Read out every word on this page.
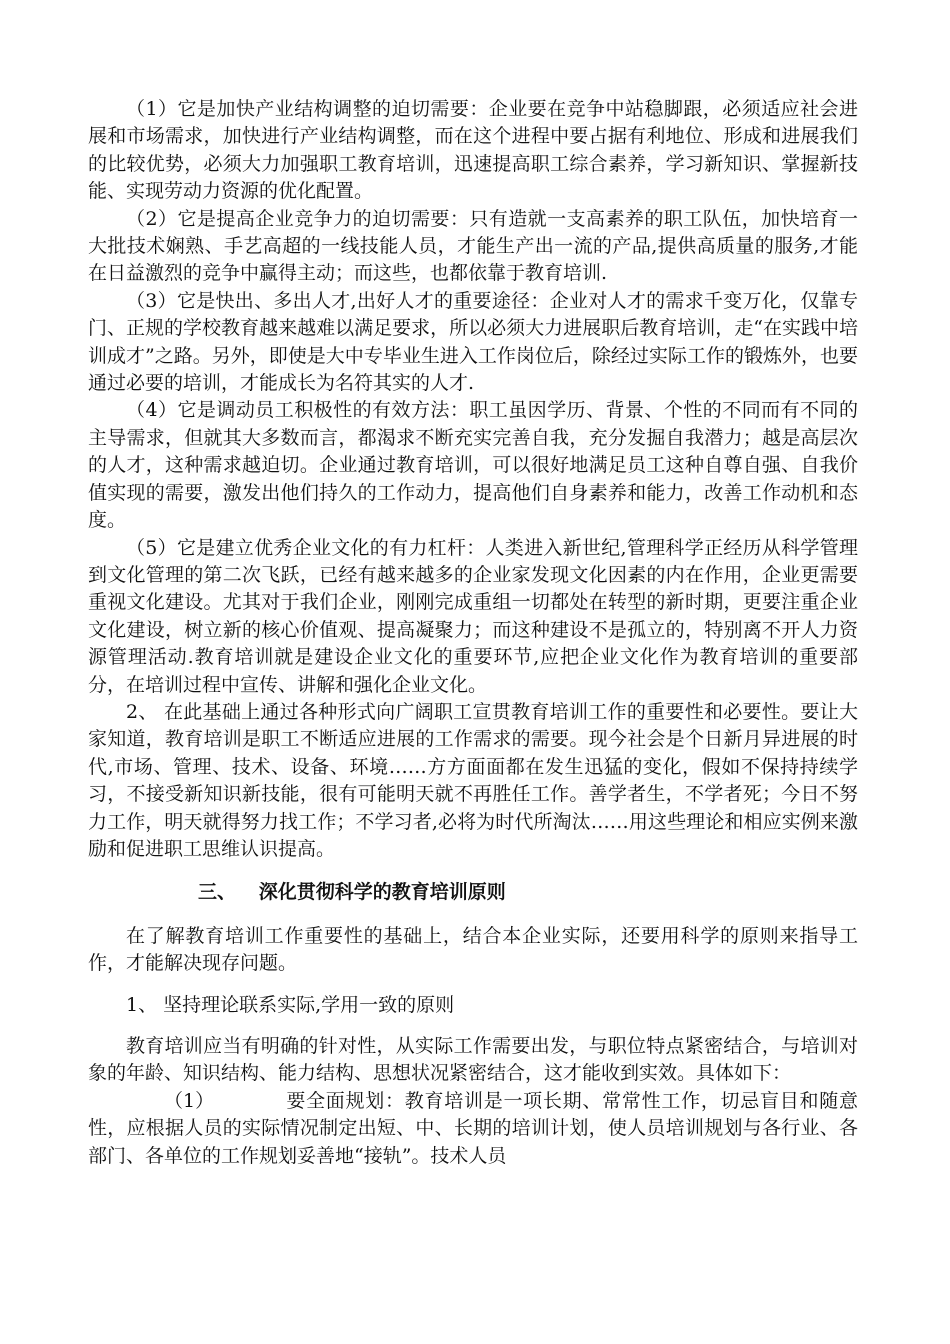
（1）它是加快产业结构调整的迫切需要：企业要在竞争中站稳脚跟，必须适应社会进展和市场需求，加快进行产业结构调整，而在这个进程中要占据有利地位、形成和进展我们的比较优势，必须大力加强职工教育培训，迅速提高职工综合素养，学习新知识、掌握新技能、实现劳动力资源的优化配置。

（2）它是提高企业竞争力的迫切需要：只有造就一支高素养的职工队伍，加快培育一大批技术娴熟、手艺高超的一线技能人员，才能生产出一流的产品,提供高质量的服务,才能在日益激烈的竞争中赢得主动；而这些，也都依靠于教育培训.

（3）它是快出、多出人才,出好人才的重要途径：企业对人才的需求千变万化，仅靠专门、正规的学校教育越来越难以满足要求，所以必须大力进展职后教育培训，走“在实践中培训成才”之路。另外，即使是大中专毕业生进入工作岗位后，除经过实际工作的锻炼外，也要通过必要的培训，才能成长为名符其实的人才.

（4）它是调动员工积极性的有效方法：职工虽因学历、背景、个性的不同而有不同的主导需求，但就其大多数而言，都渴求不断充实完善自我，充分发掘自我潜力；越是高层次的人才，这种需求越迫切。企业通过教育培训，可以很好地满足员工这种自尊自强、自我价值实现的需要，激发出他们持久的工作动力，提高他们自身素养和能力，改善工作动机和态度。

（5）它是建立优秀企业文化的有力杠杆：人类进入新世纪,管理科学正经历从科学管理到文化管理的第二次飞跃，已经有越来越多的企业家发现文化因素的内在作用，企业更需要重视文化建设。尤其对于我们企业，刚刚完成重组一切都处在转型的新时期，更要注重企业文化建设，树立新的核心价值观、提高凝聚力；而这种建设不是孤立的，特别离不开人力资源管理活动.教育培训就是建设企业文化的重要环节,应把企业文化作为教育培训的重要部分，在培训过程中宣传、讲解和强化企业文化。

2、 在此基础上通过各种形式向广阔职工宣贯教育培训工作的重要性和必要性。要让大家知道，教育培训是职工不断适应进展的工作需求的需要。现今社会是个日新月异进展的时代,市场、管理、技术、设备、环境……方方面面都在发生迅猛的变化，假如不保持持续学习，不接受新知识新技能，很有可能明天就不再胜任工作。善学者生，不学者死；今日不努力工作，明天就得努力找工作；不学习者,必将为时代所淘汰……用这些理论和相应实例来激励和促进职工思维认识提高。

三、 深化贯彻科学的教育培训原则

在了解教育培训工作重要性的基础上，结合本企业实际，还要用科学的原则来指导工作，才能解决现存问题。

1、 坚持理论联系实际,学用一致的原则

教育培训应当有明确的针对性，从实际工作需要出发，与职位特点紧密结合，与培训对象的年龄、知识结构、能力结构、思想状况紧密结合，这才能收到实效。具体如下：

（1）	要全面规划：教育培训是一项长期、常常性工作，切忌盲目和随意性，应根据人员的实际情况制定出短、中、长期的培训计划，使人员培训规划与各行业、各部门、各单位的工作规划妥善地“接轨”。技术人员
